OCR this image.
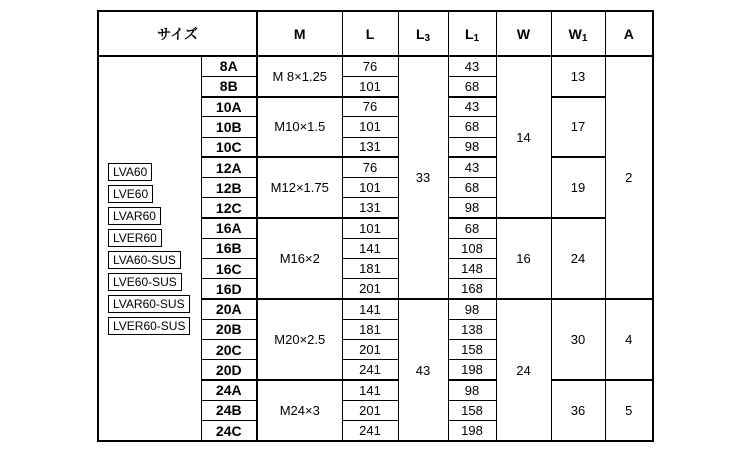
サイズ		M	L	L3	L1	W	W1	A

LVA60
LVE60
LVAR60
LVER60
LVA60-SUS
LVE60-SUS
LVAR60-SUS
LVER60-SUS
	8A	M 8×1.25	76	33	43	14	13	2
	8B		101		68			
	10A	M10×1.5	76		43		17	
	10B		101		68			
	10C		131		98			
	12A	M12×1.75	76		43		19	
	12B		101		68			
	12C		131		98			
	16A	M16×2	101		68	16	24	
	16B		141		108			
	16C		181		148			
	16D		201		168			
	20A	M20×2.5	141	43	98	24	30	4
	20B		181		138			
	20C		201		158			
	20D		241		198			
	24A	M24×3	141		98		36	5
	24B		201		158			
	24C		241		198			
